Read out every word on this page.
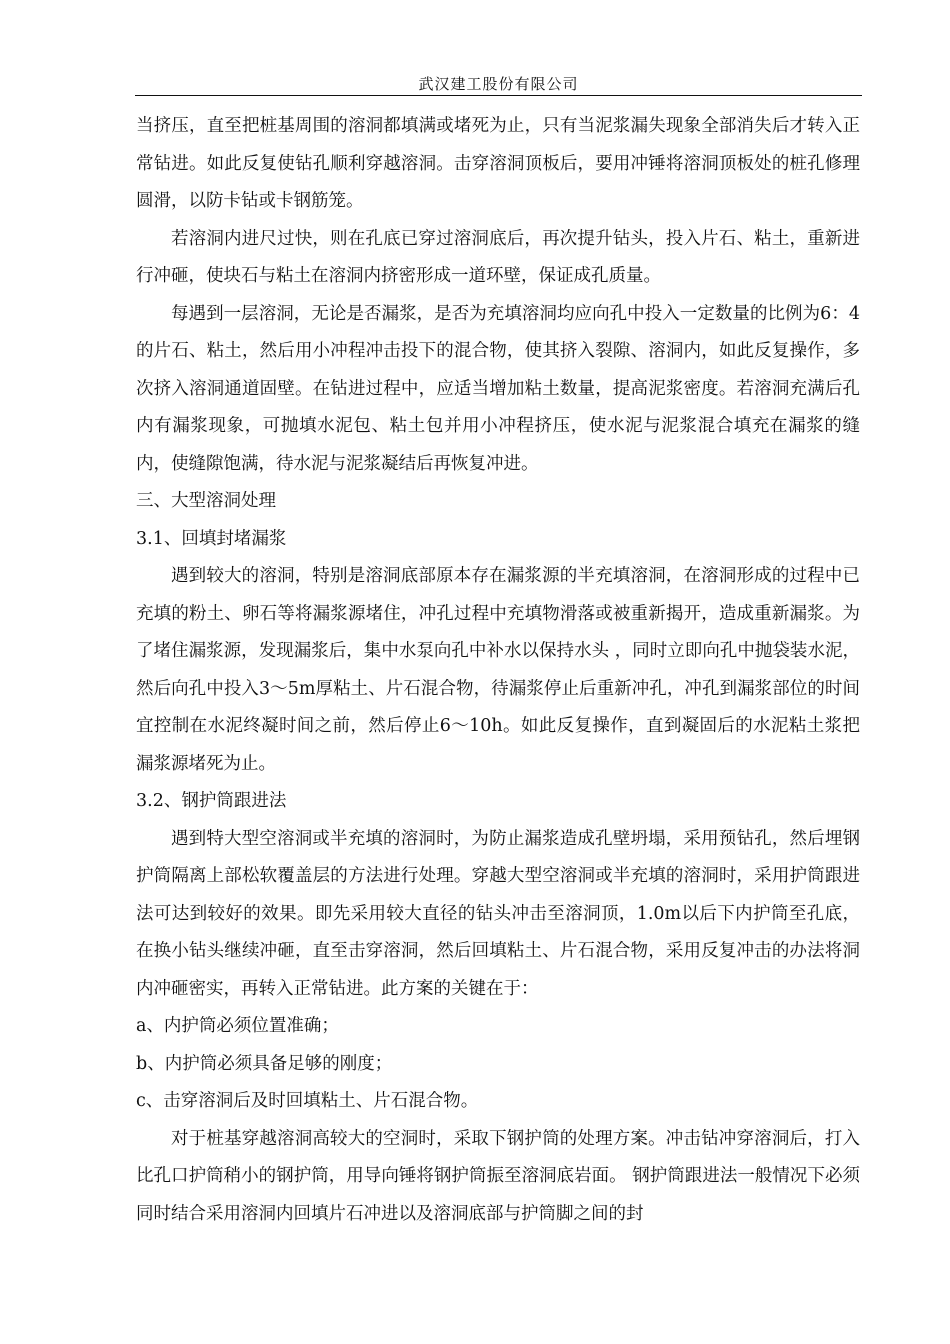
武汉建工股份有限公司

当挤压，直至把桩基周围的溶洞都填满或堵死为止，只有当泥浆漏失现象全部消失后才转入正常钻进。如此反复使钻孔顺利穿越溶洞。击穿溶洞顶板后，要用冲锤将溶洞顶板处的桩孔修理圆滑，以防卡钻或卡钢筋笼。

若溶洞内进尺过快，则在孔底已穿过溶洞底后，再次提升钻头，投入片石、粘土，重新进行冲砸，使块石与粘土在溶洞内挤密形成一道环壁，保证成孔质量。

每遇到一层溶洞，无论是否漏浆，是否为充填溶洞均应向孔中投入一定数量的比例为6：4的片石、粘土，然后用小冲程冲击投下的混合物，使其挤入裂隙、溶洞内，如此反复操作，多次挤入溶洞通道固壁。在钻进过程中，应适当增加粘土数量，提高泥浆密度。若溶洞充满后孔内有漏浆现象，可抛填水泥包、粘土包并用小冲程挤压，使水泥与泥浆混合填充在漏浆的缝内，使缝隙饱满，待水泥与泥浆凝结后再恢复冲进。

三、大型溶洞处理

3.1、回填封堵漏浆

遇到较大的溶洞，特别是溶洞底部原本存在漏浆源的半充填溶洞，在溶洞形成的过程中已充填的粉土、卵石等将漏浆源堵住，冲孔过程中充填物滑落或被重新揭开，造成重新漏浆。为了堵住漏浆源，发现漏浆后，集中水泵向孔中补水以保持水头 ，同时立即向孔中抛袋装水泥，然后向孔中投入3～5m厚粘土、片石混合物，待漏浆停止后重新冲孔，冲孔到漏浆部位的时间宜控制在水泥终凝时间之前，然后停止6～10h。如此反复操作，直到凝固后的水泥粘土浆把漏浆源堵死为止。

3.2、钢护筒跟进法

遇到特大型空溶洞或半充填的溶洞时，为防止漏浆造成孔壁坍塌，采用预钻孔，然后埋钢护筒隔离上部松软覆盖层的方法进行处理。穿越大型空溶洞或半充填的溶洞时，采用护筒跟进法可达到较好的效果。即先采用较大直径的钻头冲击至溶洞顶，1.0m以后下内护筒至孔底，在换小钻头继续冲砸，直至击穿溶洞，然后回填粘土、片石混合物，采用反复冲击的办法将洞内冲砸密实，再转入正常钻进。此方案的关键在于：

a、内护筒必须位置准确；

b、内护筒必须具备足够的刚度；

c、击穿溶洞后及时回填粘土、片石混合物。

对于桩基穿越溶洞高较大的空洞时，采取下钢护筒的处理方案。冲击钻冲穿溶洞后，打入比孔口护筒稍小的钢护筒，用导向锤将钢护筒振至溶洞底岩面。 钢护筒跟进法一般情况下必须同时结合采用溶洞内回填片石冲进以及溶洞底部与护筒脚之间的封
